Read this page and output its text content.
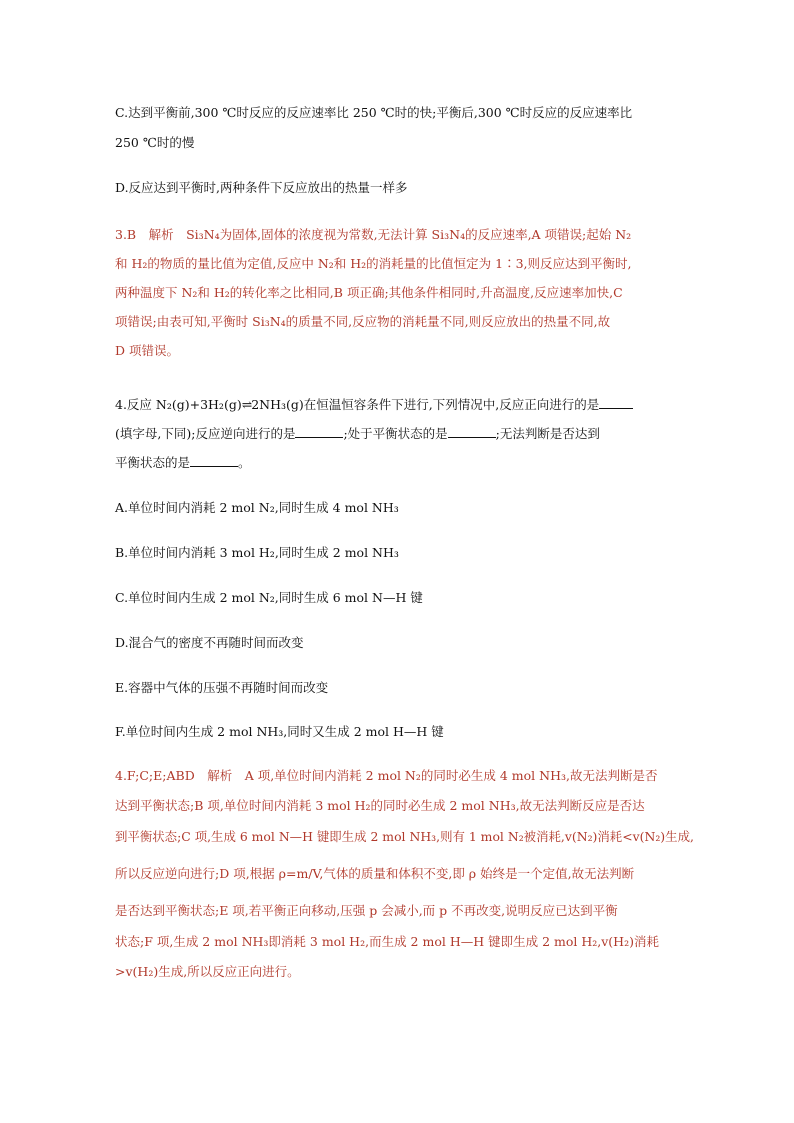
C.达到平衡前,300 ℃时反应的反应速率比 250 ℃时的快;平衡后,300 ℃时反应的反应速率比
250 ℃时的慢
D.反应达到平衡时,两种条件下反应放出的热量一样多
3.B　解析　Si₃N₄为固体,固体的浓度视为常数,无法计算 Si₃N₄的反应速率,A 项错误;起始 N₂
和 H₂的物质的量比值为定值,反应中 N₂和 H₂的消耗量的比值恒定为 1∶3,则反应达到平衡时,
两种温度下 N₂和 H₂的转化率之比相同,B 项正确;其他条件相同时,升高温度,反应速率加快,C
项错误;由表可知,平衡时 Si₃N₄的质量不同,反应物的消耗量不同,则反应放出的热量不同,故
D 项错误。
4.反应 N₂(g)+3H₂(g)⇌2NH₃(g)在恒温恒容条件下进行,下列情况中,反应正向进行的是
(填字母,下同);反应逆向进行的是	;处于平衡状态的是	;无法判断是否达到
平衡状态的是	。
A.单位时间内消耗 2 mol N₂,同时生成 4 mol NH₃
B.单位时间内消耗 3 mol H₂,同时生成 2 mol NH₃
C.单位时间内生成 2 mol N₂,同时生成 6 mol N—H 键
D.混合气的密度不再随时间而改变
E.容器中气体的压强不再随时间而改变
F.单位时间内生成 2 mol NH₃,同时又生成 2 mol H—H 键
4.F;C;E;ABD　解析　A 项,单位时间内消耗 2 mol N₂的同时必生成 4 mol NH₃,故无法判断是否
达到平衡状态;B 项,单位时间内消耗 3 mol H₂的同时必生成 2 mol NH₃,故无法判断反应是否达
到平衡状态;C 项,生成 6 mol N—H 键即生成 2 mol NH₃,则有 1 mol N₂被消耗,v(N₂)消耗<v(N₂)生成,
所以反应逆向进行;D 项,根据 ρ=m/V,气体的质量和体积不变,即 ρ 始终是一个定值,故无法判断
是否达到平衡状态;E 项,若平衡正向移动,压强 p 会减小,而 p 不再改变,说明反应已达到平衡
状态;F 项,生成 2 mol NH₃即消耗 3 mol H₂,而生成 2 mol H—H 键即生成 2 mol H₂,v(H₂)消耗
>v(H₂)生成,所以反应正向进行。
